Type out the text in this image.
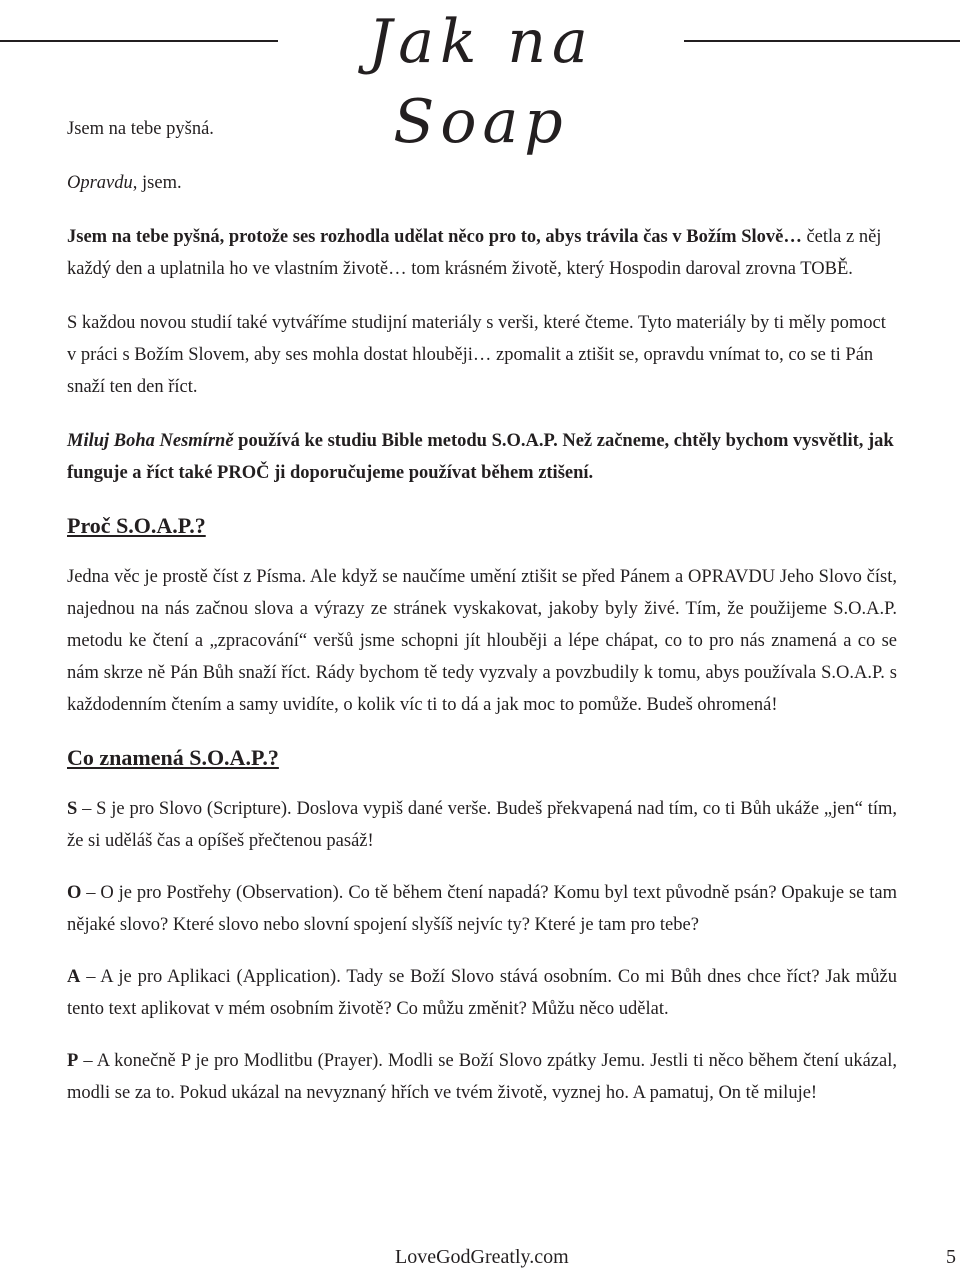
Jak na Soap

Jsem na tebe pyšná.

Opravdu, jsem.

Jsem na tebe pyšná, protože ses rozhodla udělat něco pro to, abys trávila čas v Božím Slově… četla z něj každý den a uplatnila ho ve vlastním životě… tom krásném životě, který Hospodin daroval zrovna TOBĚ.

S každou novou studií také vytváříme studijní materiály s verši, které čteme. Tyto materiály by ti měly pomoct v práci s Božím Slovem, aby ses mohla dostat hlouběji… zpomalit a ztišit se, opravdu vnímat to, co se ti Pán snaží ten den říct.

Miluj Boha Nesmírně používá ke studiu Bible metodu S.O.A.P. Než začneme, chtěly bychom vysvětlit, jak funguje a říct také PROČ ji doporučujeme používat během ztišení.

Proč S.O.A.P.?

Jedna věc je prostě číst z Písma. Ale když se naučíme umění ztišit se před Pánem a OPRAVDU Jeho Slovo číst, najednou na nás začnou slova a výrazy ze stránek vyskakovat, jakoby byly živé. Tím, že použijeme S.O.A.P. metodu ke čtení a „zpracování“ veršů jsme schopni jít hlouběji a lépe chápat, co to pro nás znamená a co se nám skrze ně Pán Bůh snaží říct. Rády bychom tě tedy vyzvaly a povzbudily k tomu, abys používala S.O.A.P. s každodenním čtením a samy uvidíte, o kolik víc ti to dá a jak moc to pomůže. Budeš ohromená!

Co znamená S.O.A.P.?

S – S je pro Slovo (Scripture). Doslova vypiš dané verše. Budeš překvapená nad tím, co ti Bůh ukáže „jen“ tím, že si uděláš čas a opíšeš přečtenou pasáž!

O – O je pro Postřehy (Observation). Co tě během čtení napadá? Komu byl text původně psán? Opakuje se tam nějaké slovo? Které slovo nebo slovní spojení slyšíš nejvíc ty? Které je tam pro tebe?

A – A je pro Aplikaci (Application). Tady se Boží Slovo stává osobním. Co mi Bůh dnes chce říct? Jak můžu tento text aplikovat v mém osobním životě? Co můžu změnit? Můžu něco udělat.

P – A konečně P je pro Modlitbu (Prayer). Modli se Boží Slovo zpátky Jemu. Jestli ti něco během čtení ukázal, modli se za to. Pokud ukázal na nevyznaný hřích ve tvém životě, vyznej ho. A pamatuj, On tě miluje!

LoveGodGreatly.com	5
